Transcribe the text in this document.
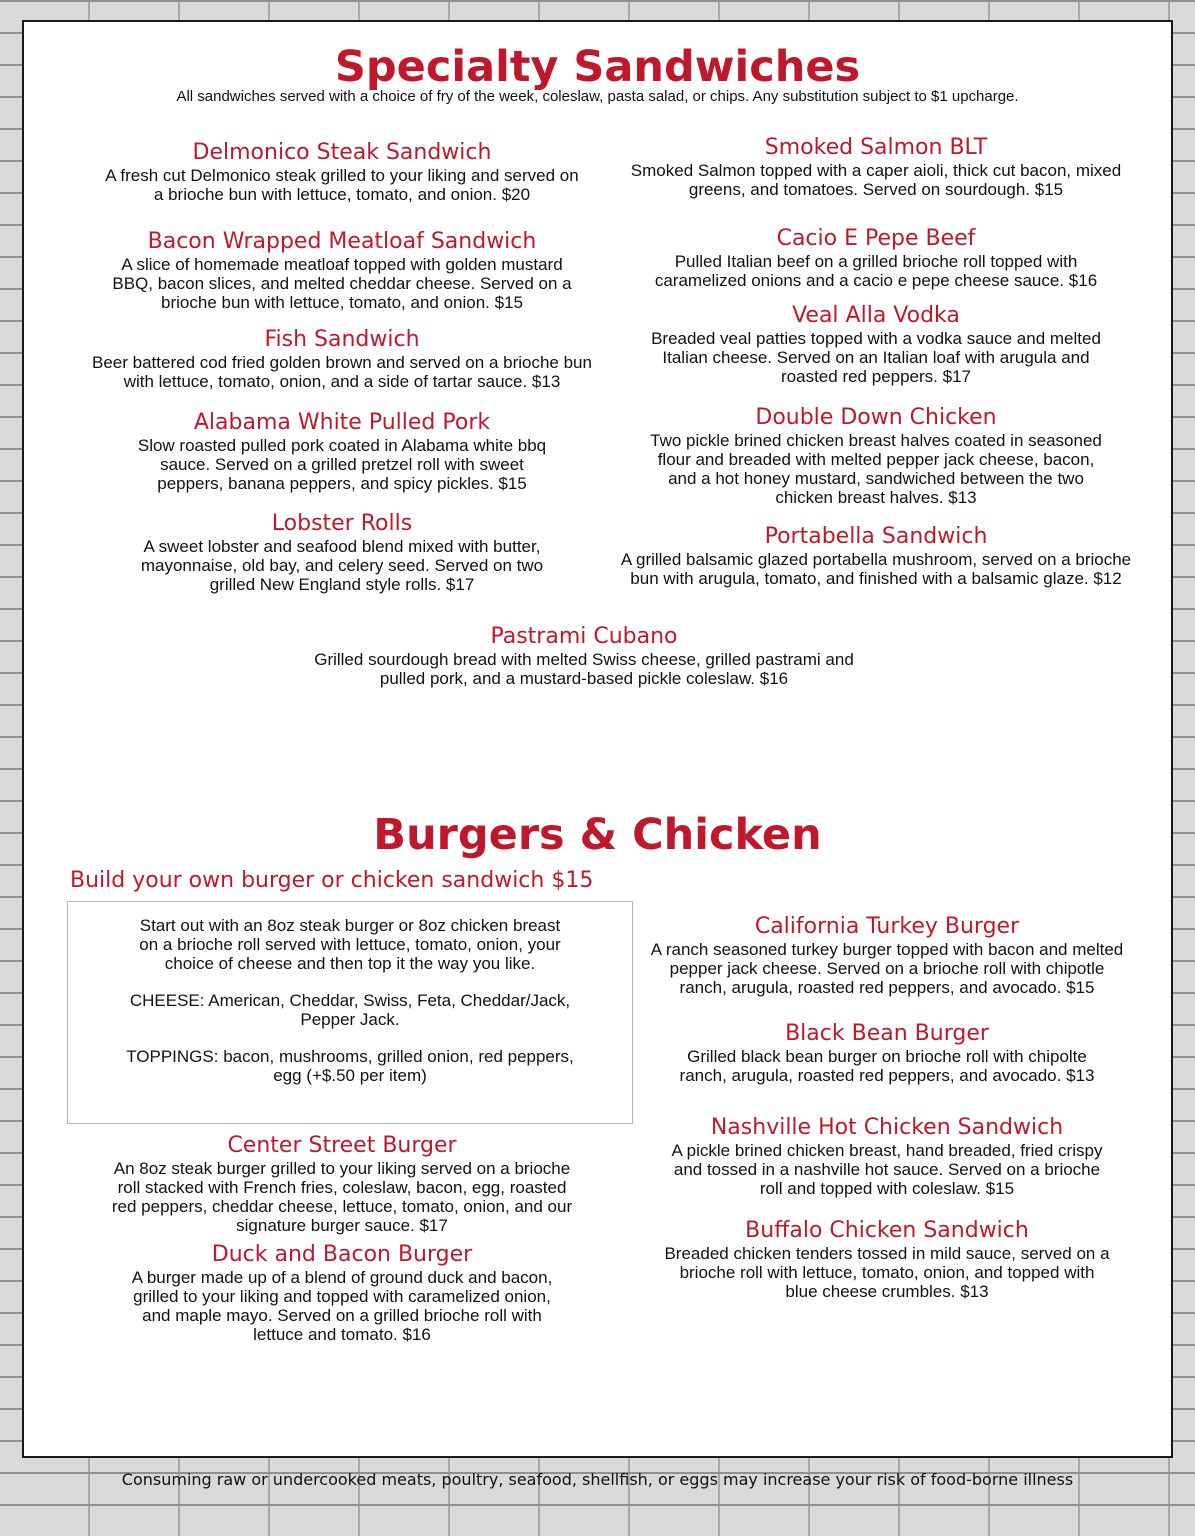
Specialty Sandwiches

All sandwiches served with a choice of fry of the week, coleslaw, pasta salad, or chips. Any substitution subject to $1 upcharge.

Delmonico Steak Sandwich

A fresh cut Delmonico steak grilled to your liking and served on
a brioche bun with lettuce, tomato, and onion. $20

Bacon Wrapped Meatloaf Sandwich

A slice of homemade meatloaf topped with golden mustard
BBQ, bacon slices, and melted cheddar cheese. Served on a
brioche bun with lettuce, tomato, and onion. $15

Fish Sandwich

Beer battered cod fried golden brown and served on a brioche bun
with lettuce, tomato, onion, and a side of tartar sauce. $13

Alabama White Pulled Pork

Slow roasted pulled pork coated in Alabama white bbq
sauce. Served on a grilled pretzel roll with sweet
peppers, banana peppers, and spicy pickles. $15

Lobster Rolls

A sweet lobster and seafood blend mixed with butter,
mayonnaise, old bay, and celery seed. Served on two
grilled New England style rolls. $17

Smoked Salmon BLT

Smoked Salmon topped with a caper aioli, thick cut bacon, mixed
greens, and tomatoes. Served on sourdough. $15

Cacio E Pepe Beef

Pulled Italian beef on a grilled brioche roll topped with
caramelized onions and a cacio e pepe cheese sauce. $16

Veal Alla Vodka

Breaded veal patties topped with a vodka sauce and melted
Italian cheese. Served on an Italian loaf with arugula and
roasted red peppers. $17

Double Down Chicken

Two pickle brined chicken breast halves coated in seasoned
flour and breaded with melted pepper jack cheese, bacon,
and a hot honey mustard, sandwiched between the two
chicken breast halves. $13

Portabella Sandwich

A grilled balsamic glazed portabella mushroom, served on a brioche
bun with arugula, tomato, and finished with a balsamic glaze. $12

Pastrami Cubano

Grilled sourdough bread with melted Swiss cheese, grilled pastrami and
pulled pork, and a mustard-based pickle coleslaw. $16

Burgers & Chicken
Build your own burger or chicken sandwich $15

Start out with an 8oz steak burger or 8oz chicken breast
on a brioche roll served with lettuce, tomato, onion, your
choice of cheese and then top it the way you like.

CHEESE: American, Cheddar, Swiss, Feta, Cheddar/Jack,
Pepper Jack.

TOPPINGS: bacon, mushrooms, grilled onion, red peppers,
egg (+$.50 per item)

Center Street Burger

An 8oz steak burger grilled to your liking served on a brioche
roll stacked with French fries, coleslaw, bacon, egg, roasted
red peppers, cheddar cheese, lettuce, tomato, onion, and our
signature burger sauce. $17

Duck and Bacon Burger

A burger made up of a blend of ground duck and bacon,
grilled to your liking and topped with caramelized onion,
and maple mayo. Served on a grilled brioche roll with
lettuce and tomato. $16

California Turkey Burger

A ranch seasoned turkey burger topped with bacon and melted
pepper jack cheese. Served on a brioche roll with chipotle
ranch, arugula, roasted red peppers, and avocado. $15

Black Bean Burger

Grilled black bean burger on brioche roll with chipolte
ranch, arugula, roasted red peppers, and avocado. $13

Nashville Hot Chicken Sandwich

A pickle brined chicken breast, hand breaded, fried crispy
and tossed in a nashville hot sauce. Served on a brioche
roll and topped with coleslaw. $15

Buffalo Chicken Sandwich

Breaded chicken tenders tossed in mild sauce, served on a
brioche roll with lettuce, tomato, onion, and topped with
blue cheese crumbles. $13

Consuming raw or undercooked meats, poultry, seafood, shellfish, or eggs may increase your risk of food-borne illness
